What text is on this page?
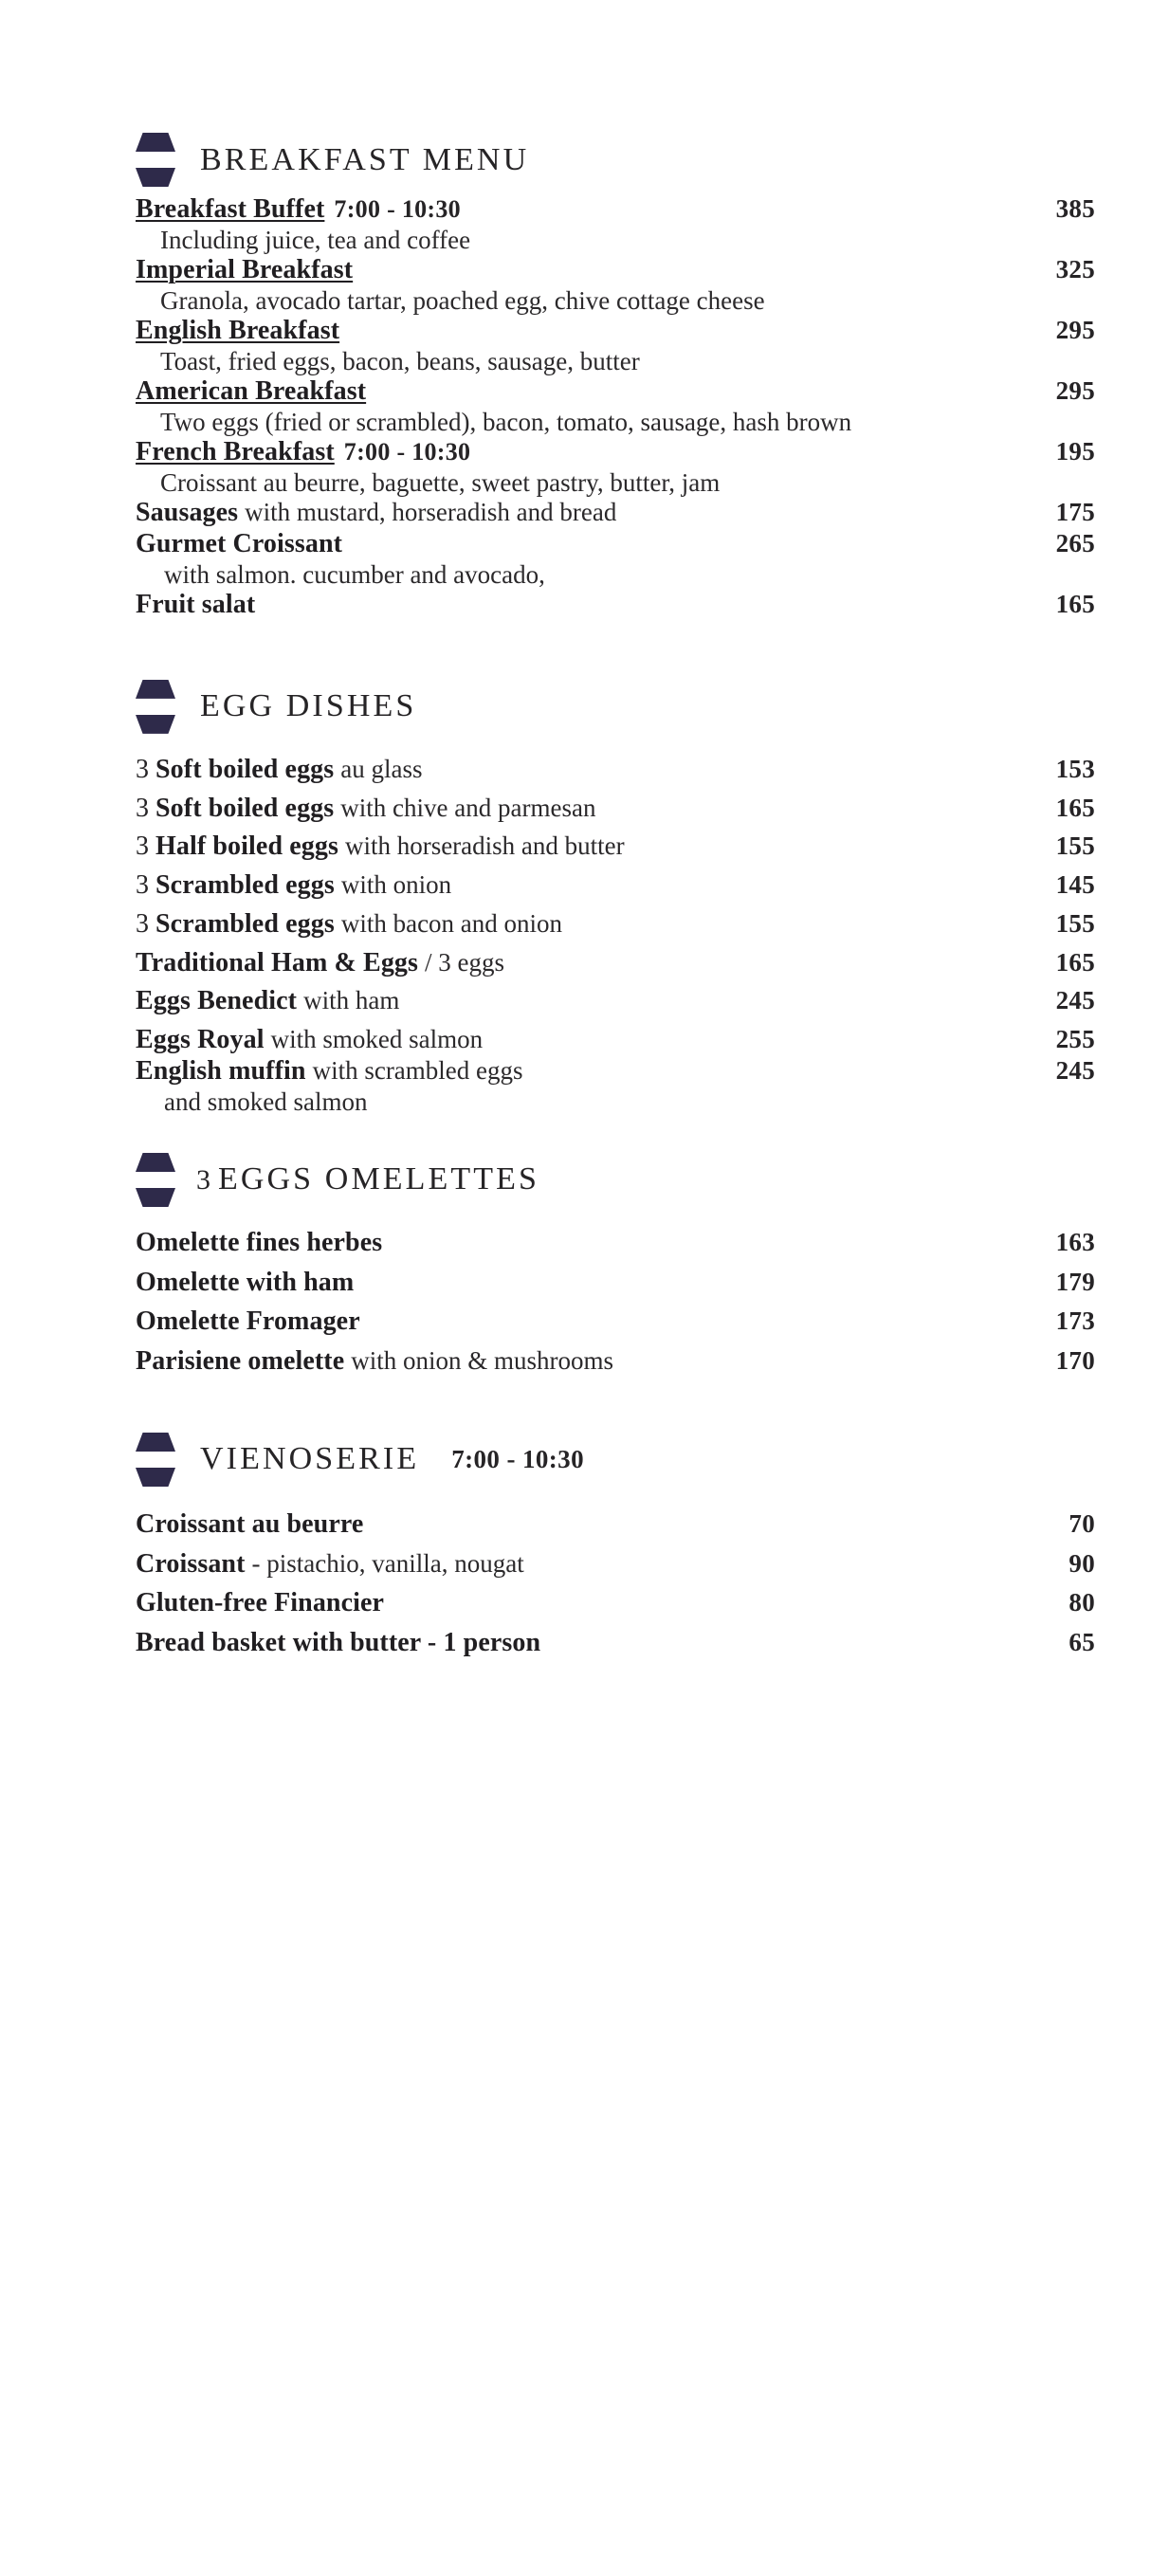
BREAKFAST MENU
Breakfast Buffet 7:00 - 10:30	385
Including juice, tea and coffee
Imperial Breakfast	325
Granola, avocado tartar, poached egg, chive cottage cheese
English Breakfast	295
Toast, fried eggs, bacon, beans, sausage, butter
American Breakfast	295
Two eggs (fried or scrambled), bacon, tomato, sausage, hash brown
French Breakfast 7:00 - 10:30	195
Croissant au beurre, baguette, sweet pastry, butter, jam
Sausages with mustard, horseradish and bread	175
Gurmet Croissant	265
with salmon. cucumber and avocado,
Fruit salat	165
EGG DISHES
3 Soft boiled eggs au glass	153
3 Soft boiled eggs with chive and parmesan	165
3 Half boiled eggs with horseradish and butter	155
3 Scrambled eggs with onion	145
3 Scrambled eggs with bacon and onion	155
Traditional Ham & Eggs / 3 eggs	165
Eggs Benedict with ham	245
Eggs Royal with smoked salmon	255
English muffin with scrambled eggs	245
and smoked salmon
3 EGGS OMELETTES
Omelette fines herbes	163
Omelette with ham	179
Omelette Fromager	173
Parisiene omelette with onion & mushrooms	170
VIENOSERIE 7:00 - 10:30
Croissant au beurre	70
Croissant - pistachio, vanilla, nougat	90
Gluten-free Financier	80
Bread basket with butter - 1 person	65
